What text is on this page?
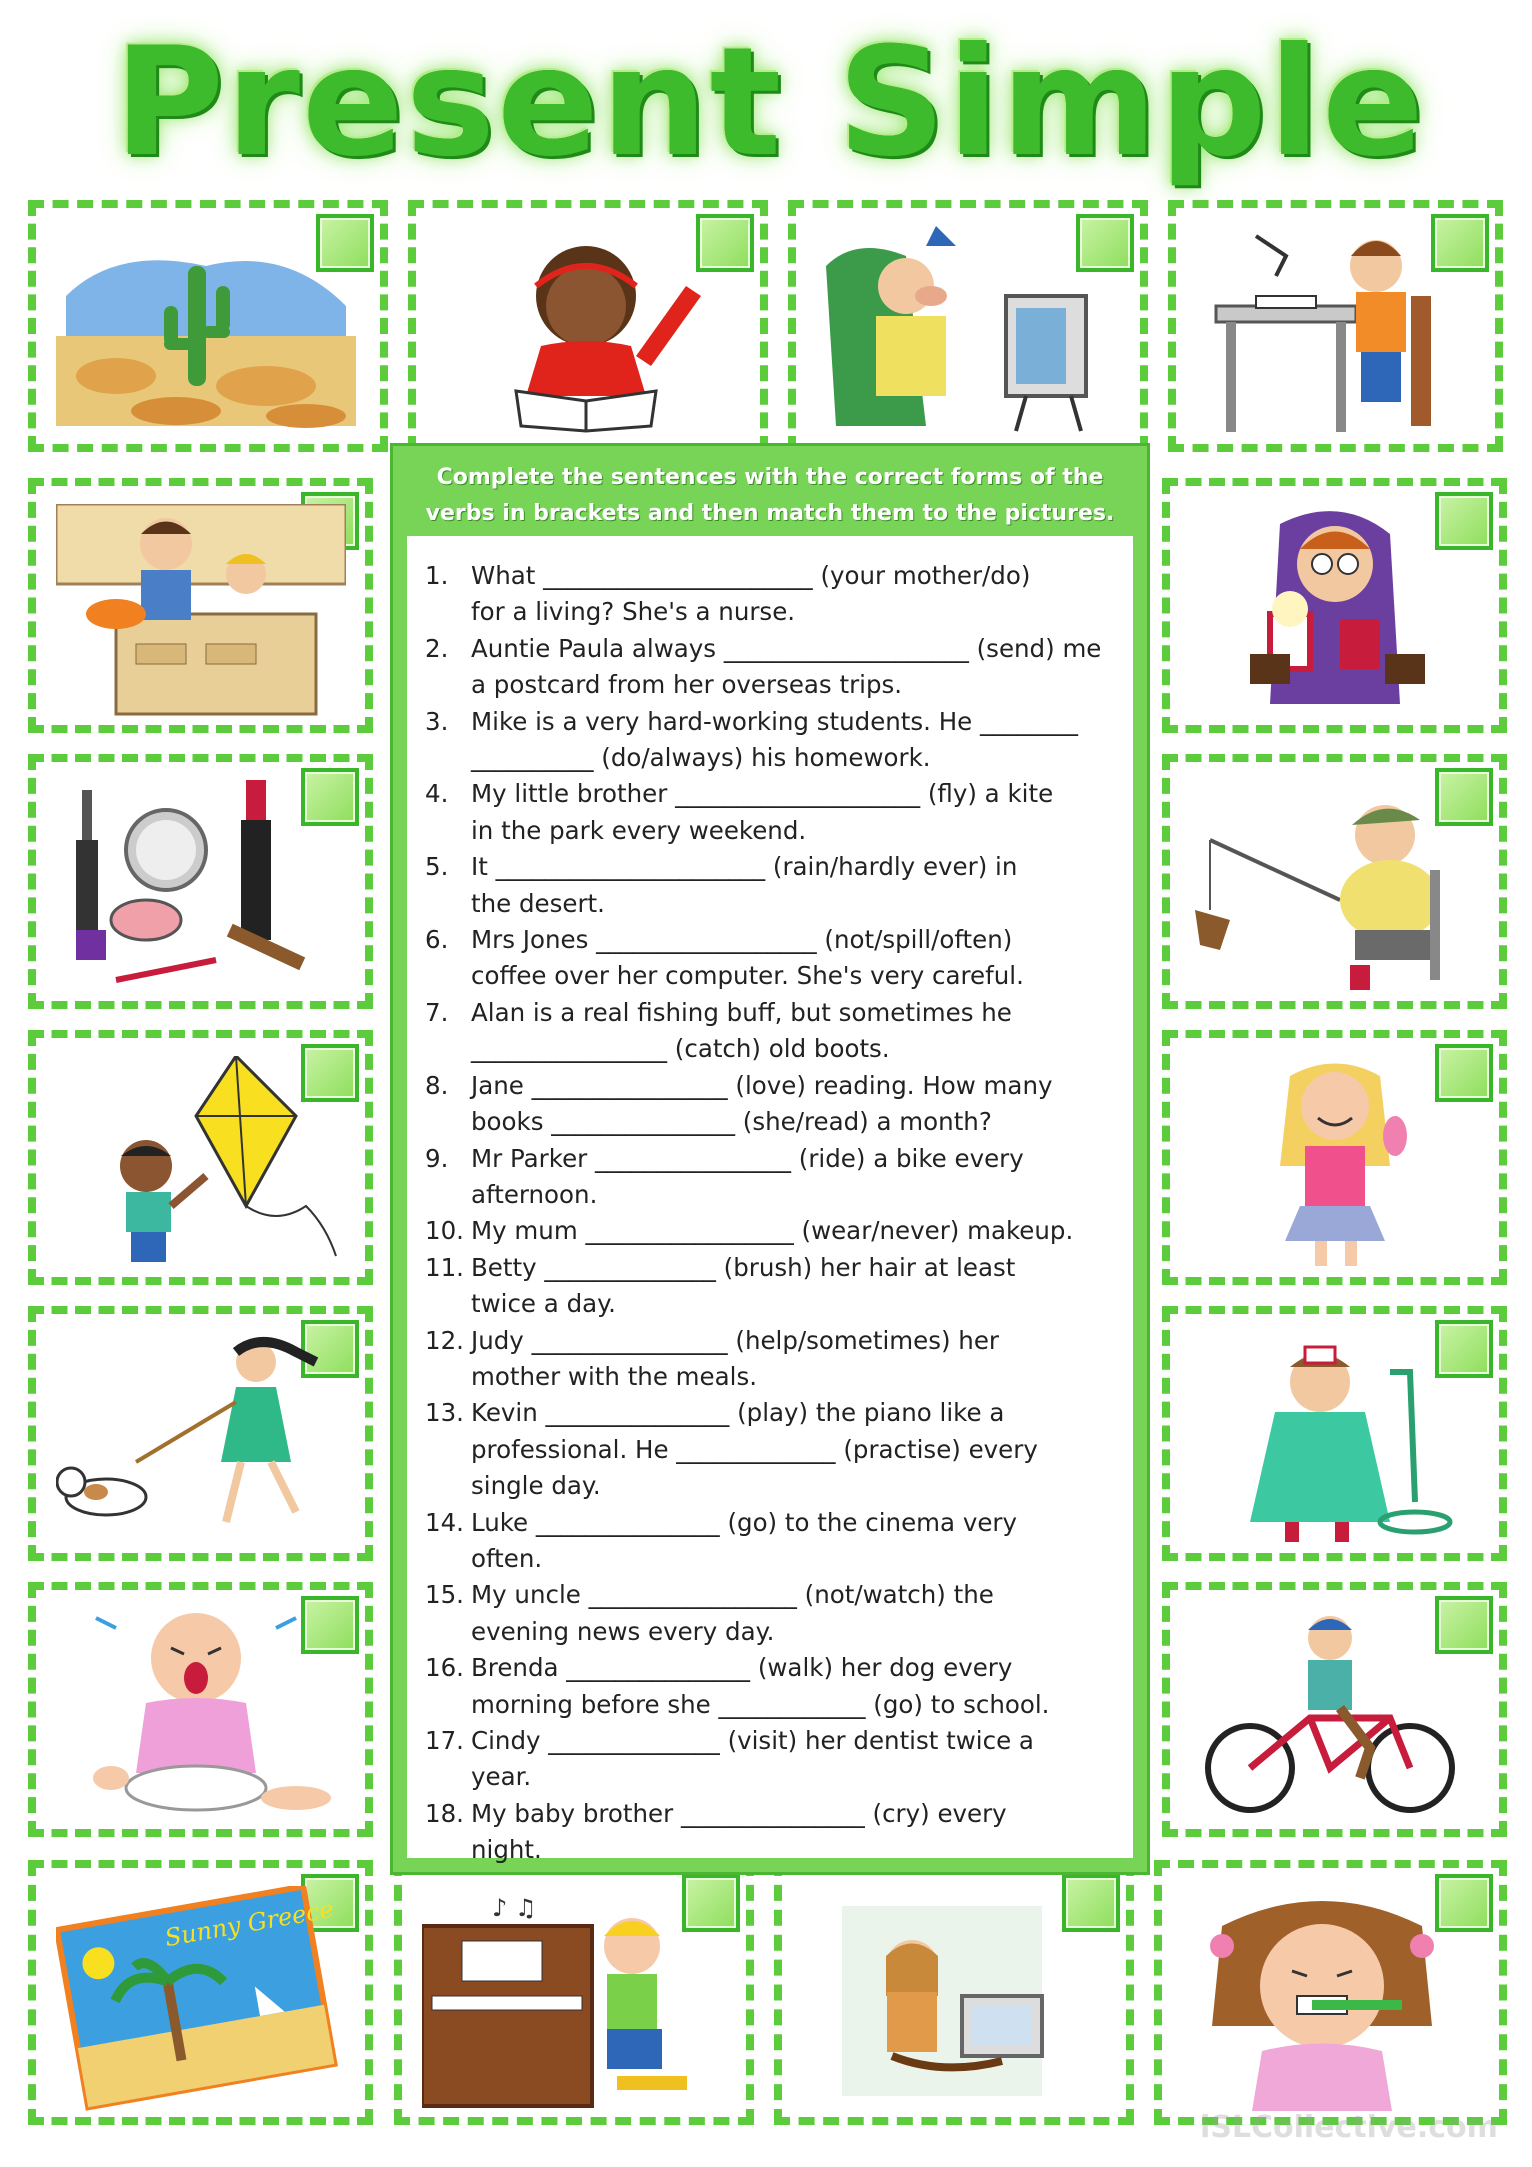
Present Simple
Sunny Greece	♪ ♫
Complete the sentences with the correct forms of the verbs in brackets and then match them to the pictures.
1. What ______________________ (your mother/do)
for a living? She's a nurse.
2. Auntie Paula always ____________________ (send) me
a postcard from her overseas trips.
3. Mike is a very hard-working students. He ________
__________ (do/always) his homework.
4. My little brother ____________________ (fly) a kite
in the park every weekend.
5. It ______________________ (rain/hardly ever) in
the desert.
6. Mrs Jones __________________ (not/spill/often)
coffee over her computer. She's very careful.
7. Alan is a real fishing buff, but sometimes he
________________ (catch) old boots.
8. Jane ________________ (love) reading. How many
books _______________ (she/read) a month?
9. Mr Parker ________________ (ride) a bike every
afternoon.
10. My mum _________________ (wear/never) makeup.
11. Betty ______________ (brush) her hair at least
twice a day.
12. Judy ________________ (help/sometimes) her
mother with the meals.
13. Kevin _______________ (play) the piano like a
professional. He _____________ (practise) every
single day.
14. Luke _______________ (go) to the cinema very
often.
15. My uncle _________________ (not/watch) the
evening news every day.
16. Brenda _______________ (walk) her dog every
morning before she ____________ (go) to school.
17. Cindy ______________ (visit) her dentist twice a
year.
18. My baby brother _______________ (cry) every
night.
iSLCollective.com
